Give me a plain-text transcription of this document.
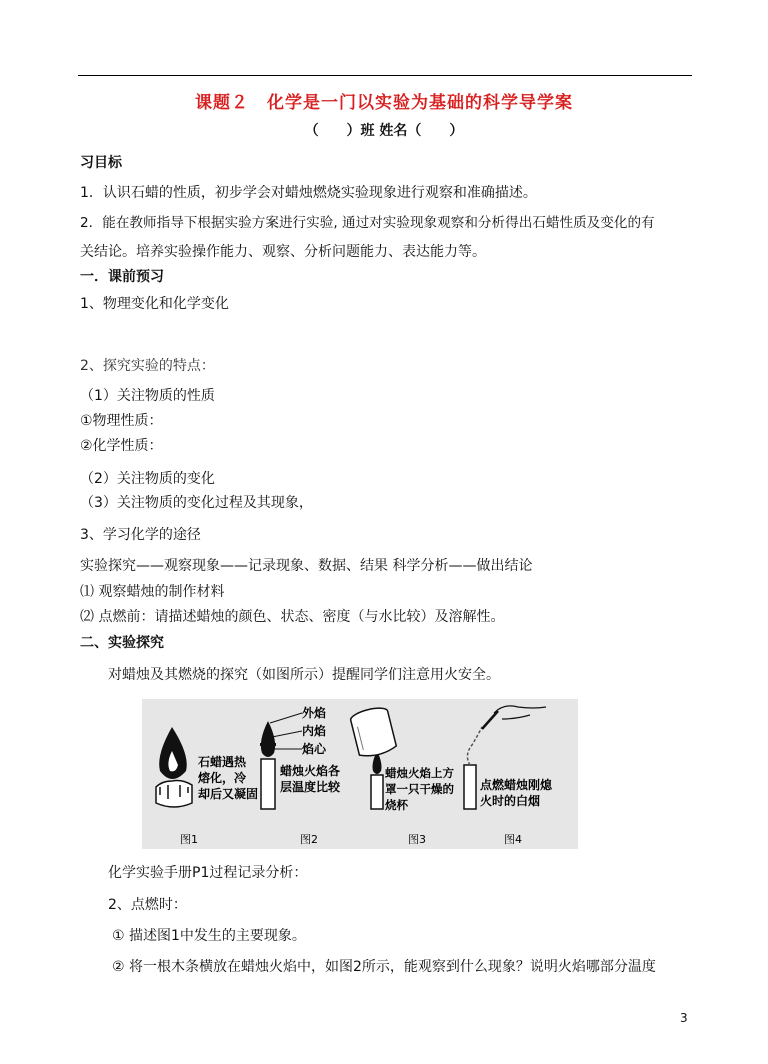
课题２　化学是一门以实验为基础的科学导学案
（　　）班 姓名（　　）
习目标
1．认识石蜡的性质，初步学会对蜡烛燃烧实验现象进行观察和准确描述。
2．能在教师指导下根据实验方案进行实验, 通过对实验现象观察和分析得出石蜡性质及变化的有
关结论。培养实验操作能力、观察、分析问题能力、表达能力等。
一．课前预习
1、物理变化和化学变化
2、探究实验的特点：
（1）关注物质的性质
①物理性质：
②化学性质：
（2）关注物质的变化
（3）关注物质的变化过程及其现象，
3、学习化学的途径
实验探究——观察现象——记录现象、数据、结果 科学分析——做出结论
⑴ 观察蜡烛的制作材料
⑵ 点燃前：请描述蜡烛的颜色、状态、密度（与水比较）及溶解性。
二、实验探究
对蜡烛及其燃烧的探究（如图所示）提醒同学们注意用火安全。
石蜡遇热
熔化，冷
却后又凝固
外焰
内焰
焰心
蜡烛火焰各
层温度比较
蜡烛火焰上方
罩一只干燥的
烧杯
点燃蜡烛刚熄
火时的白烟
图1	图2	图3	图4
化学实验手册P1过程记录分析：
2、点燃时：
① 描述图1中发生的主要现象。
② 将一根木条横放在蜡烛火焰中，如图2所示，能观察到什么现象？说明火焰哪部分温度
3
